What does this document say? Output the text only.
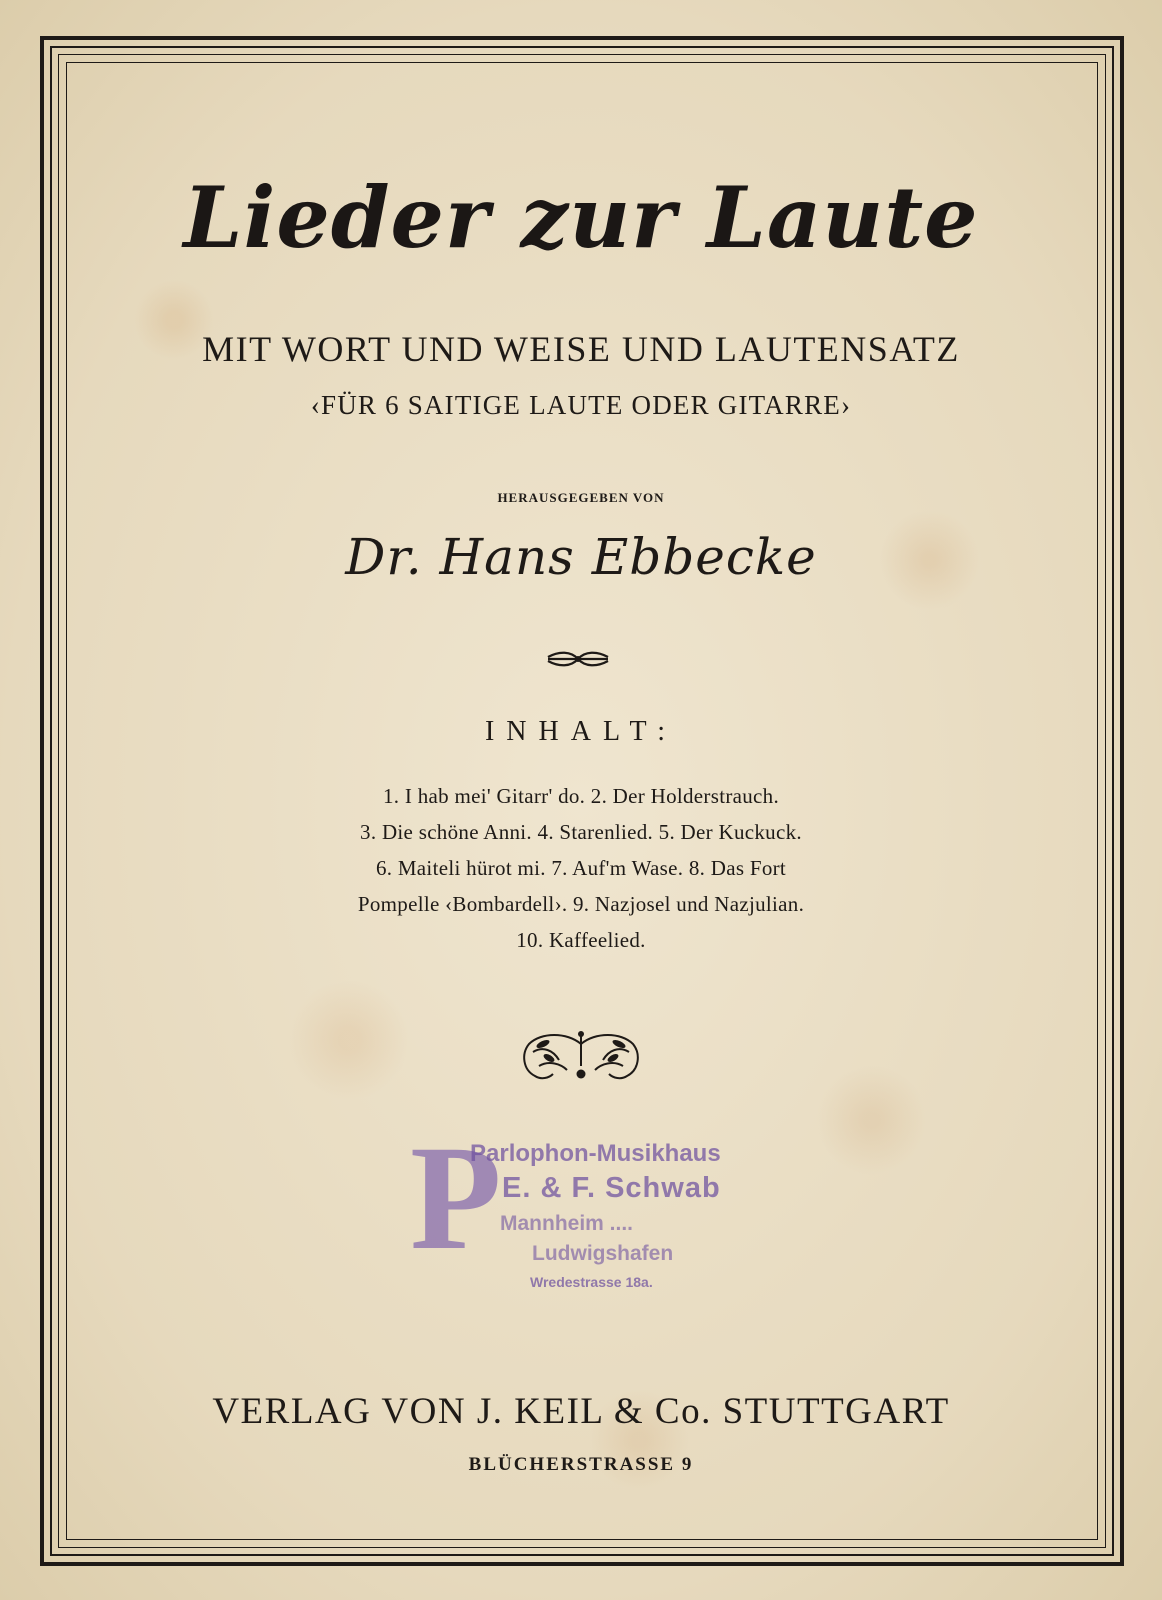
Lieder zur Laute

MIT WORT UND WEISE UND LAUTENSATZ

‹FÜR 6 SAITIGE LAUTE ODER GITARRE›

HERAUSGEGEBEN VON

Dr. Hans Ebbecke

INHALT:

1. I hab mei' Gitarr' do. 2. Der Holderstrauch.

3. Die schöne Anni. 4. Starenlied. 5. Der Kuckuck.

6. Maiteli hürot mi. 7. Auf'm Wase. 8. Das Fort

Pompelle ‹Bombardell›. 9. Nazjosel und Nazjulian.

10. Kaffeelied.

P
Parlophon-Musikhaus
E. & F. Schwab
Mannheim ....
Ludwigshafen
Wredestrasse 18a.

VERLAG VON J. KEIL & Co. STUTTGART

BLÜCHERSTRASSE 9
